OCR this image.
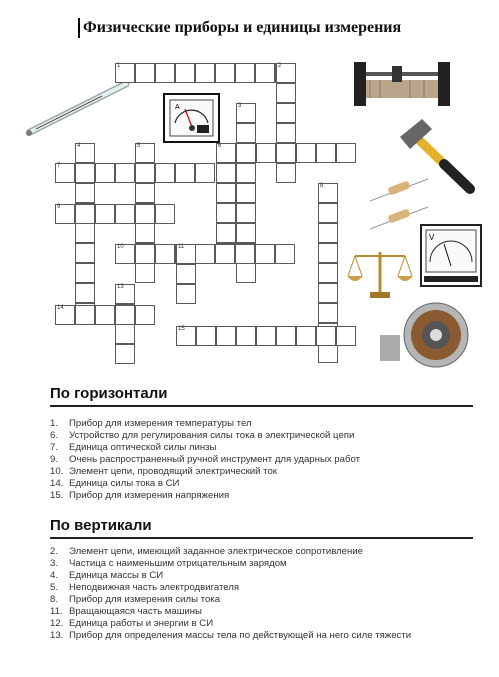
Физические приборы и единицы измерения
A
V
1	2
3
6
5
4
7
8
9
10	11
13
14
15
По горизонтали
1. Прибор для измерения температуры тел
6. Устройство для регулирования силы тока в электрической цепи
7. Единица оптической силы линзы
9. Очень распространенный ручной инструмент для ударных работ
10. Элемент цепи, проводящий электрический ток
14. Единица силы тока в СИ
15. Прибор для измерения напряжения
По вертикали
2. Элемент цепи, имеющий заданное электрическое сопротивление
3. Частица с наименьшим отрицательным зарядом
4. Единица массы в СИ
5. Неподвижная часть электродвигателя
8. Прибор для измерения силы тока
11. Вращающаяся часть машины
12. Единица работы и энергии в СИ
13. Прибор для определения массы тела по действующей на него силе тяжести
